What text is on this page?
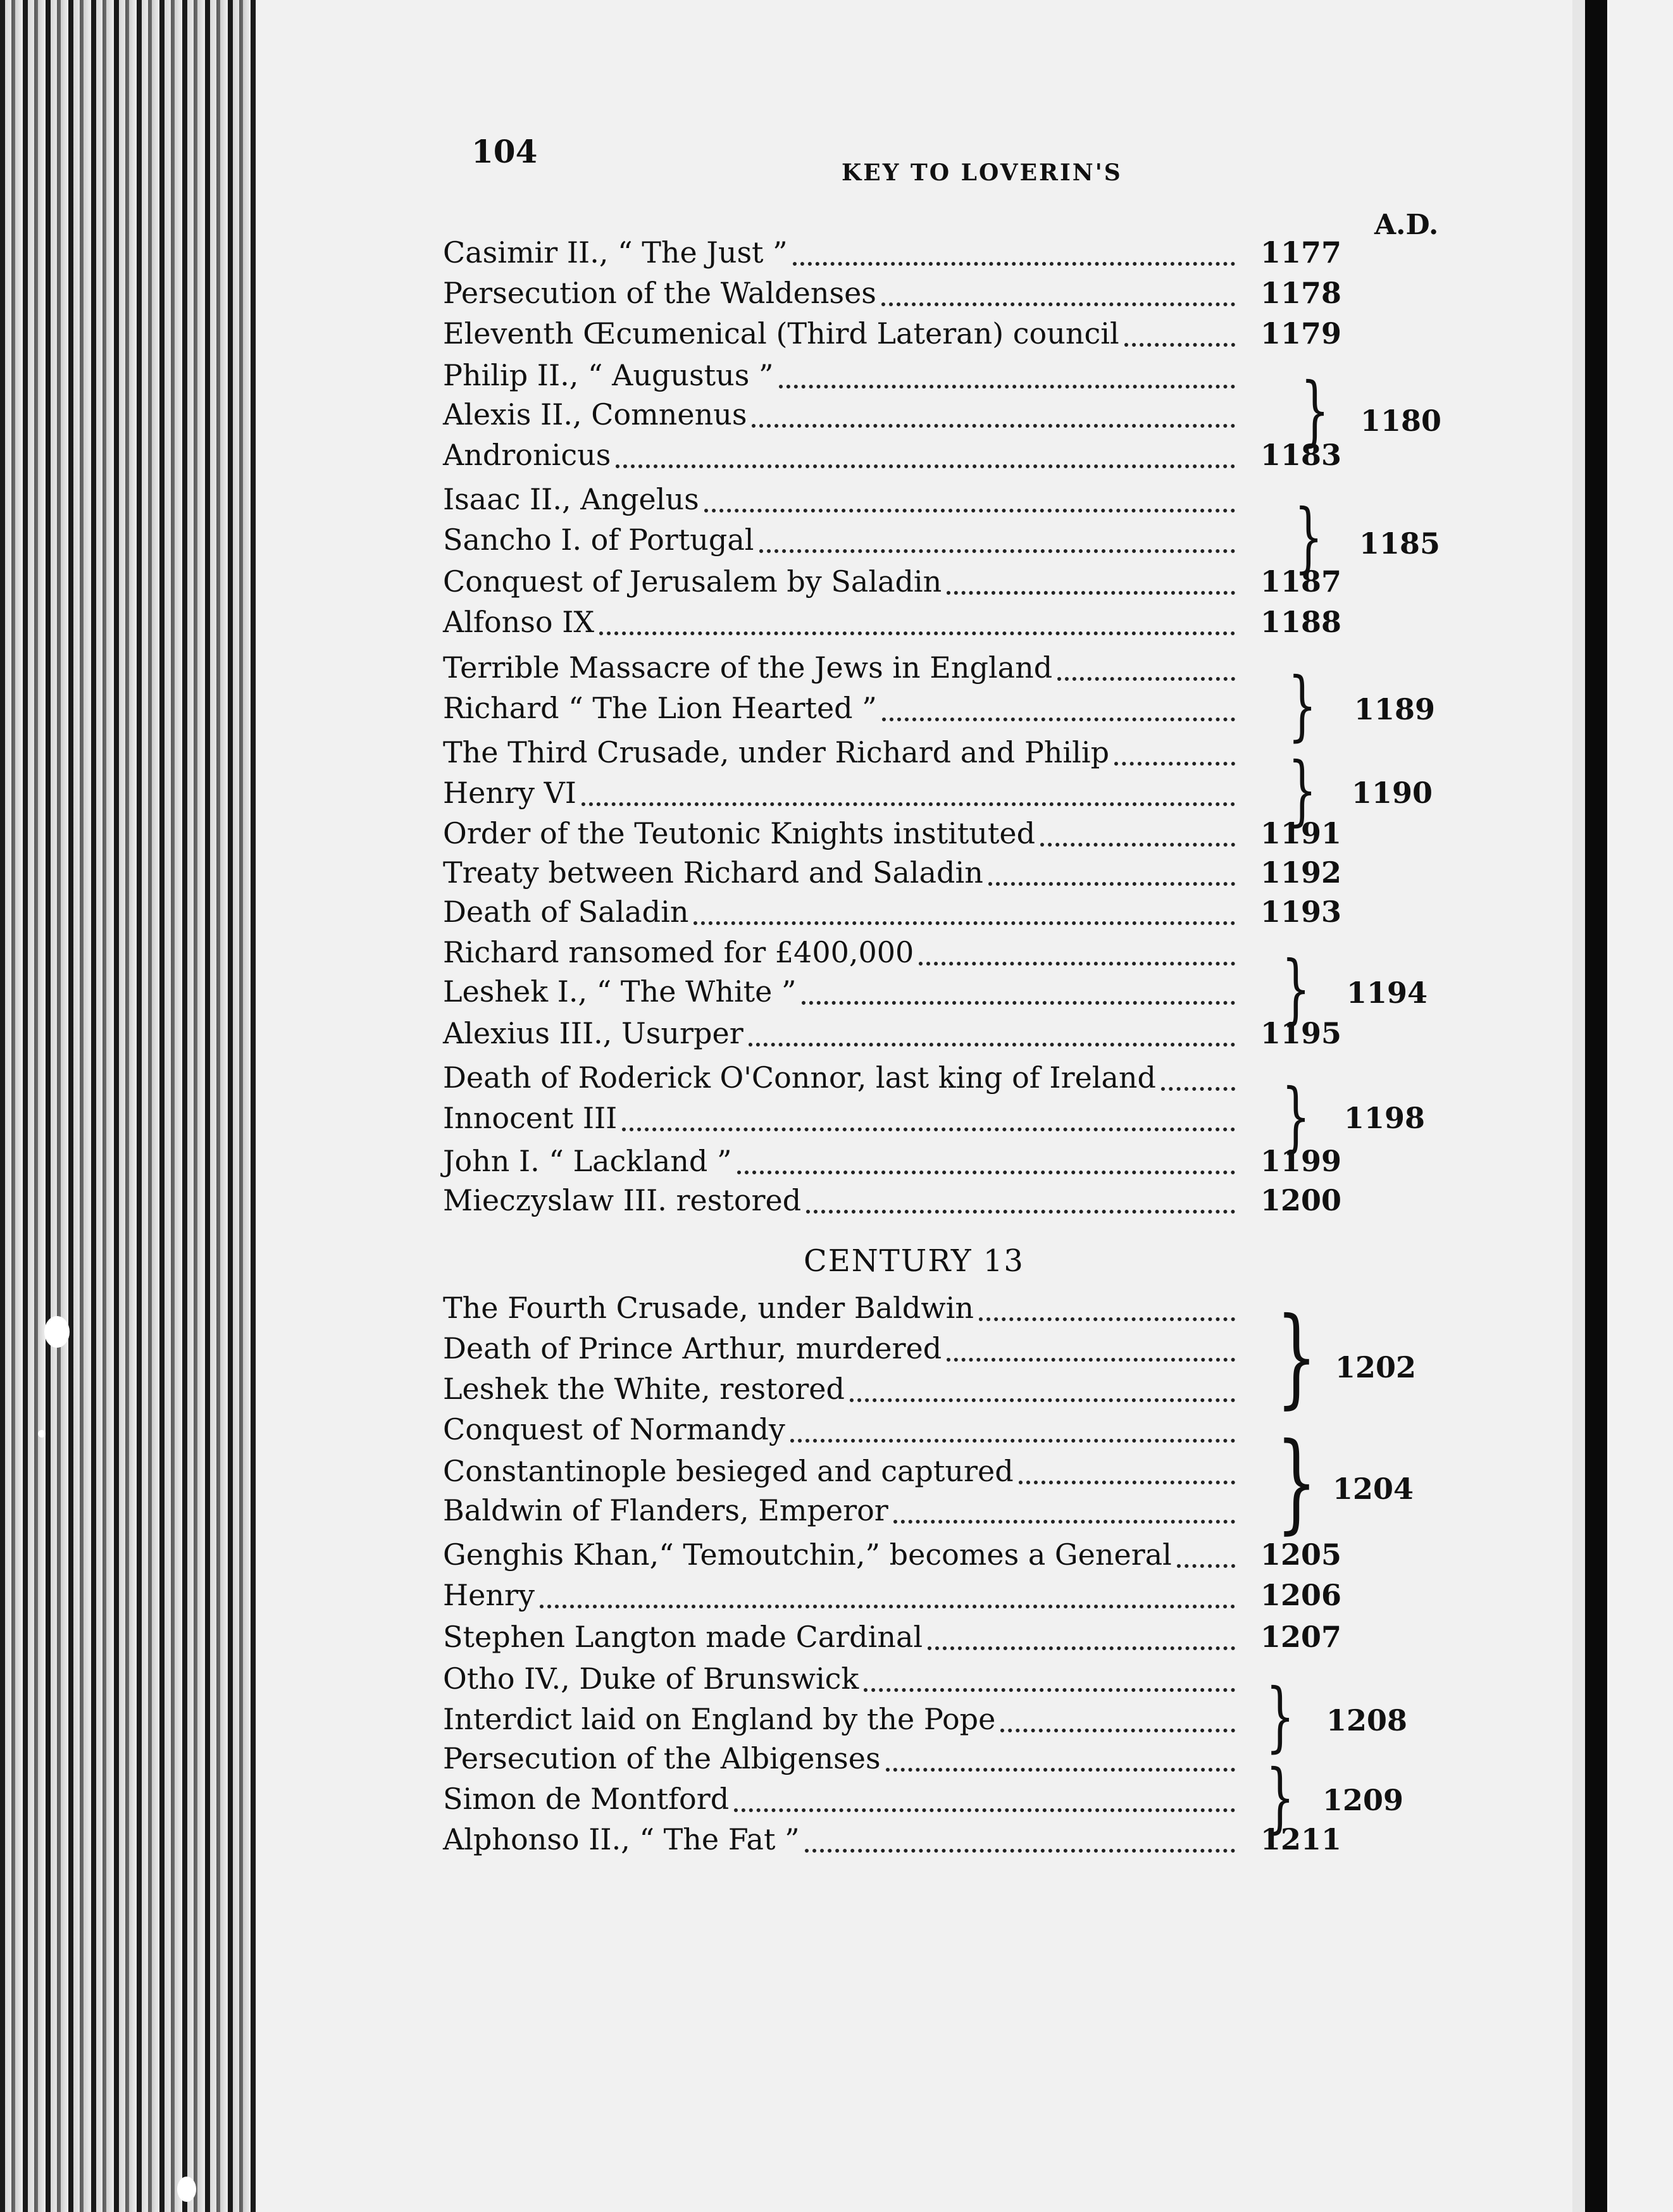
104
KEY TO LOVERIN'S
A.D.
Casimir II., “ The Just ”	1177
Persecution of the Waldenses	1178
Eleventh Œcumenical (Third Lateran) council	1179
Philip II., “ Augustus ”
Alexis II., Comnenus	} 1180
Andronicus	1183
Isaac II., Angelus
Sancho I. of Portugal	} 1185
Conquest of Jerusalem by Saladin	1187
Alfonso IX	1188
Terrible Massacre of the Jews in England
Richard “ The Lion Hearted ”	} 1189
The Third Crusade, under Richard and Philip
Henry VI	} 1190
Order of the Teutonic Knights instituted	1191
Treaty between Richard and Saladin	1192
Death of Saladin	1193
Richard ransomed for £400,000
Leshek I., “ The White ”	} 1194
Alexius III., Usurper	1195
Death of Roderick O'Connor, last king of Ireland
Innocent III	} 1198
John I. “ Lackland ”	1199
Mieczyslaw III. restored	1200
CENTURY 13
The Fourth Crusade, under Baldwin
Death of Prince Arthur, murdered
Leshek the White, restored	} 1202
Conquest of Normandy
Constantinople besieged and captured
Baldwin of Flanders, Emperor	} 1204
Genghis Khan,“ Temoutchin,” becomes a General	1205
Henry	1206
Stephen Langton made Cardinal	1207
Otho IV., Duke of Brunswick
Interdict laid on England by the Pope	} 1208
Persecution of the Albigenses
Simon de Montford	} 1209
Alphonso II., “ The Fat ”	1211
